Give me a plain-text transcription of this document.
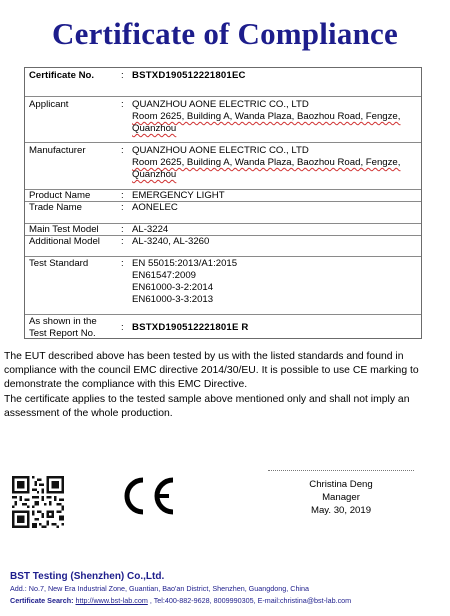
Certificate of Compliance
Certificate No.	: BSTXD190512221801EC
Applicant	: QUANZHOU AONE ELECTRIC CO., LTD
Room 2625, Building A, Wanda Plaza, Baozhou Road, Fengze,
Quanzhou
Manufacturer	: QUANZHOU AONE ELECTRIC CO., LTD
Room 2625, Building A, Wanda Plaza, Baozhou Road, Fengze,
Quanzhou
Product Name	: EMERGENCY LIGHT
Trade Name	: AONELEC
Main Test Model : AL-3224
Additional Model : AL-3240, AL-3260
Test Standard	: EN 55015:2013/A1:2015
EN61547:2009
EN61000-3-2:2014
EN61000-3-3:2013
As shown in the
Test Report No.
: BSTXD190512221801E R

The EUT described above has been tested by us with the listed standards and found in compliance with the council EMC directive 2014/30/EU. It is possible to use CE marking to demonstrate the compliance with this EMC Directive.

The certificate applies to the tested sample above mentioned only and shall not imply an assessment of the whole production.

Christina Deng
Manager
May. 30, 2019
BST Testing (Shenzhen) Co.,Ltd.
Add.: No.7, New Era Industrial Zone, Guantian, Bao'an District, Shenzhen, Guangdong, China
Certificate Search: http://www.bst-lab.com , Tel:400-882-9628, 8009990305, E-mail:christina@bst-lab.com
